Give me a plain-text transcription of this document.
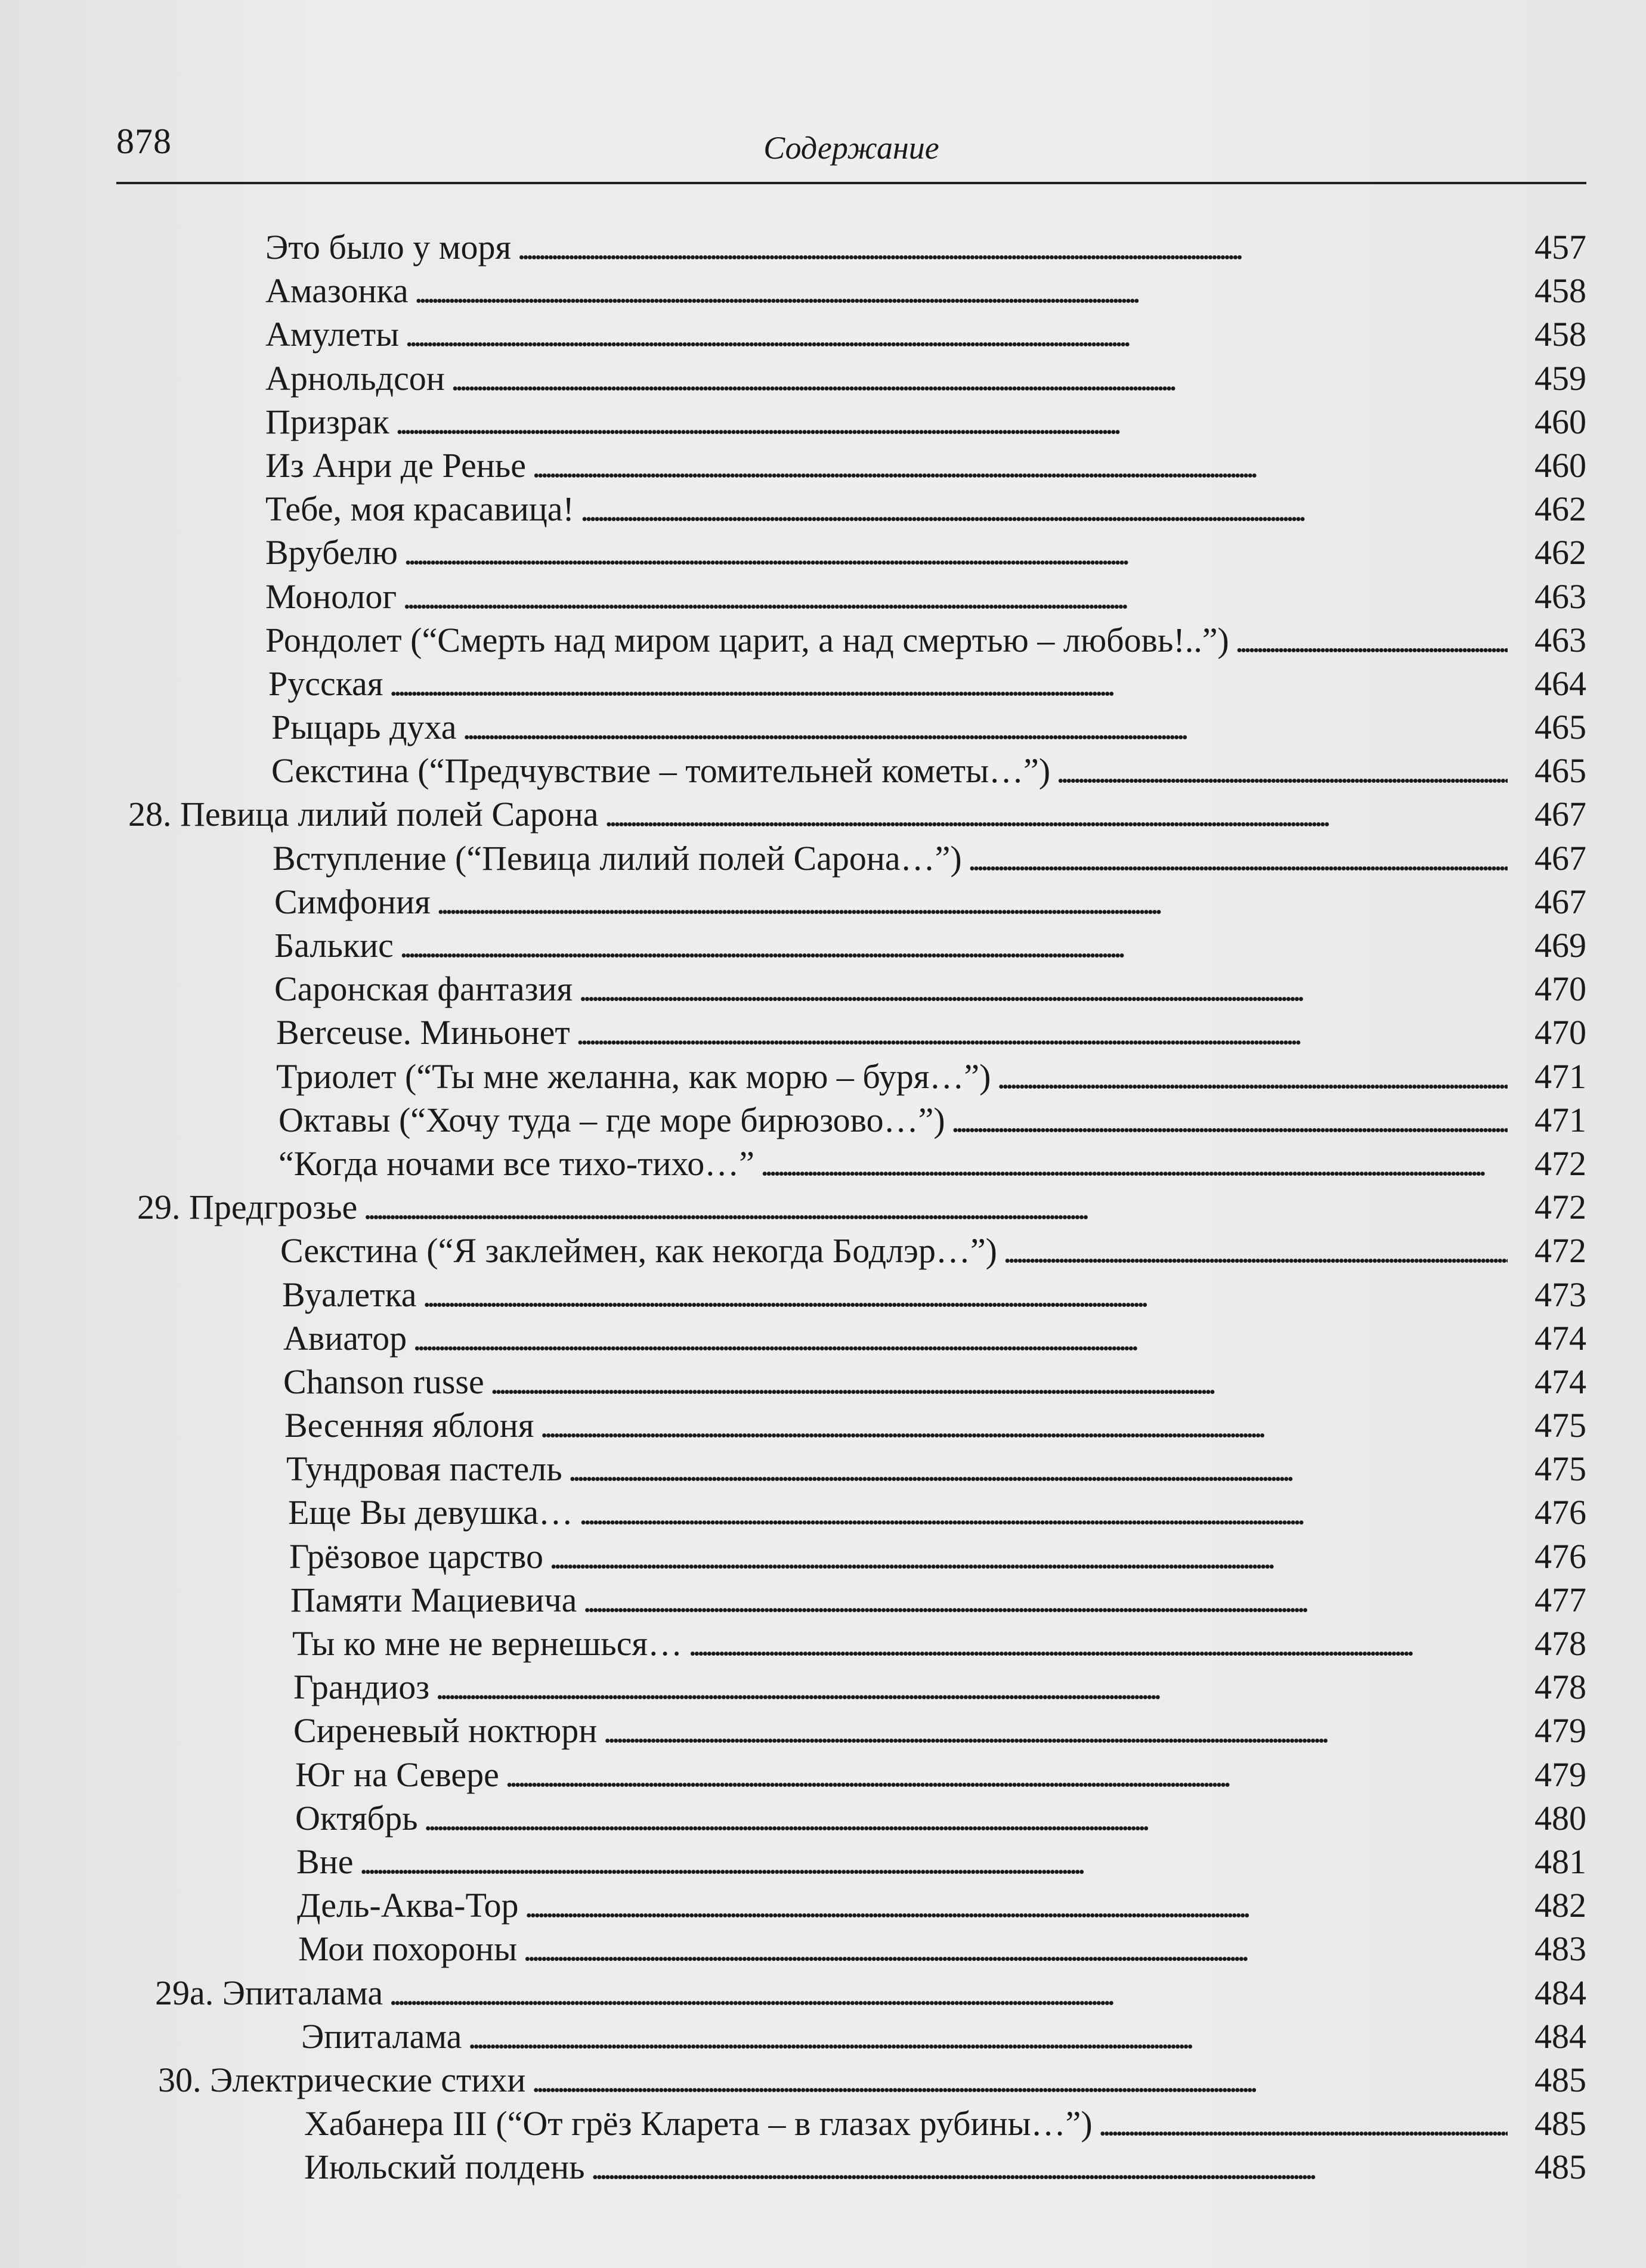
878	Содержание
Это было у моря . . .	457
Амазонка . . .	458
Амулеты . . .	458
Арнольдсон . . .	459
Призрак . . .	460
Из Анри де Ренье . . .	460
Тебе, моя красавица! . . .	462
Врубелю . . .	462
Монолог . . .	463
Рондолет (“Смерть над миром царит, а над смертью – любовь!..”) . . .	463
Русская . . .	464
Рыцарь духа . . .	465
Секстина (“Предчувствие – томительней кометы…”) . . .	465
28. Певица лилий полей Сарона . . .	467
Вступление (“Певица лилий полей Сарона…”) . . .	467
Симфония . . .	467
Балькис . . .	469
Саронская фантазия . . .	470
Berceuse. Миньонет . . .	470
Триолет (“Ты мне желанна, как морю – буря…”) . . .	471
Октавы (“Хочу туда – где море бирюзово…”) . . .	471
“Когда ночами все тихо-тихо…” . . .	472
29. Предгрозье . . .	472
Секстина (“Я заклеймен, как некогда Бодлэр…”) . . .	472
Вуалетка . . .	473
Авиатор . . .	474
Chanson russe . . .	474
Весенняя яблоня . . .	475
Тундровая пастель . . .	475
Еще Вы девушка… . . .	476
Грёзовое царство . . .	476
Памяти Мациевича . . .	477
Ты ко мне не вернешься… . . .	478
Грандиоз . . .	478
Сиреневый ноктюрн . . .	479
Юг на Севере . . .	479
Октябрь . . .	480
Вне . . .	481
Дель-Аква-Тор . . .	482
Мои похороны . . .	483
29а. Эпиталама . . .	484
Эпиталама . . .	484
30. Электрические стихи . . .	485
Хабанера III (“От грёз Кларета – в глазах рубины…”) . . .	485
Июльский полдень . . .	485
